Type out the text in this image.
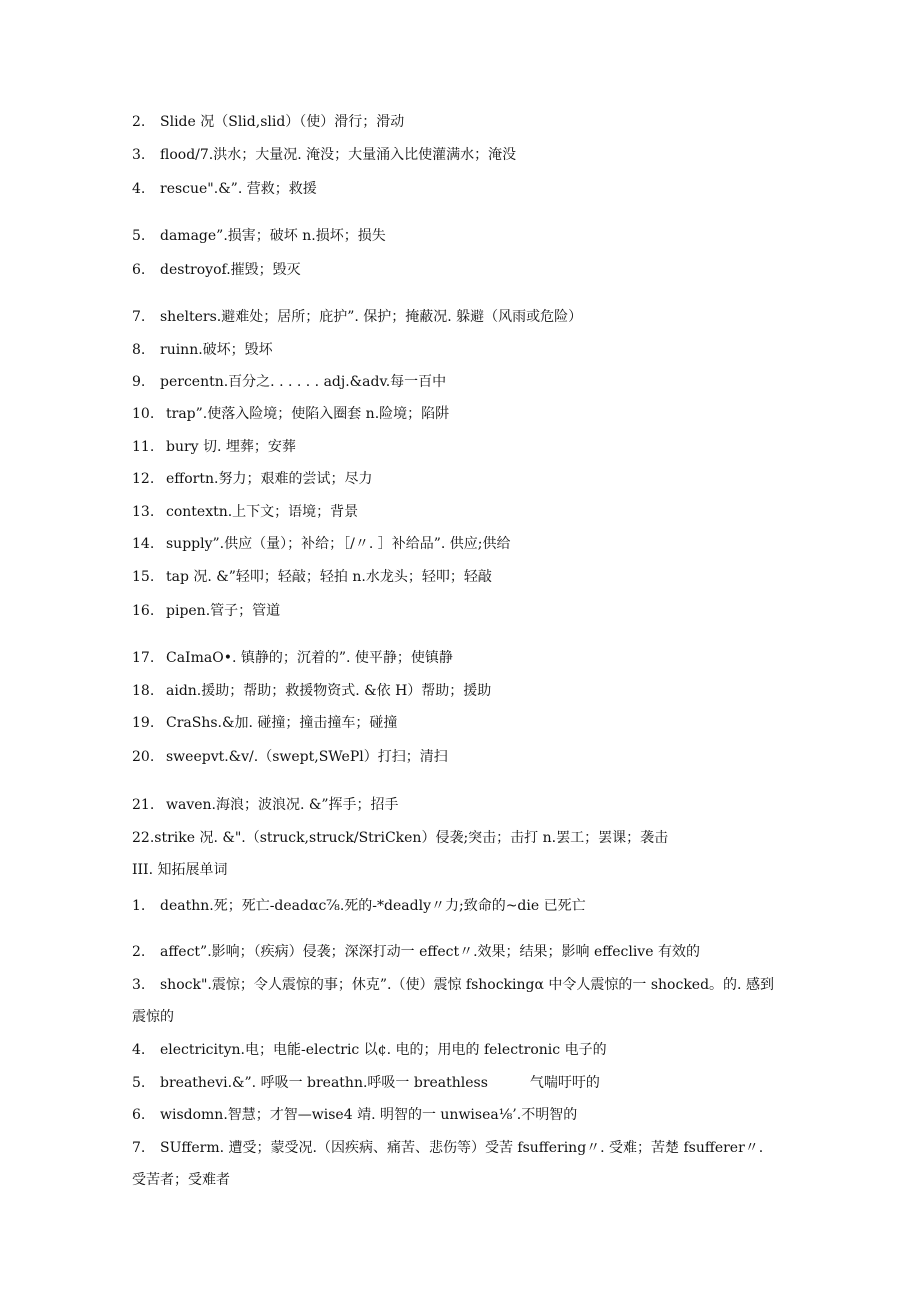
2. Slide 况（Slid,slid）（使）滑行；滑动
3. flood/7.洪水；大量况. 淹没；大量涌入比使灌满水；淹没
4. rescue".&”. 营救；救援
5. damage”.损害；破坏 n.损坏；损失
6. destroyof.摧毁；毁灭
7. shelters.避难处；居所；庇护”. 保护；掩蔽况. 躲避（风雨或危险）
8. ruinn.破坏；毁坏
9. percentn.百分之. . . . . . adj.&adv.每一百中
10. trap”.使落入险境；使陷入圈套 n.险境；陷阱
11. bury 切. 埋葬；安葬
12. effortn.努力；艰难的尝试；尽力
13. contextn.上下文；语境；背景
14. supply”.供应（量）；补给；［/〃. ］补给品”. 供应;供给
15. tap 况. &”轻叩；轻敲；轻拍 n.水龙头；轻叩；轻敲
16. pipen.管子；管道
17. CaImaO•. 镇静的；沉着的”. 使平静；使镇静
18. aidn.援助；帮助；救援物资式. &依 H）帮助；援助
19. CraShs.&加. 碰撞；撞击撞车；碰撞
20. sweepvt.&v/.（swept,SWePl）打扫；清扫
21. waven.海浪；波浪况. &”挥手；招手
22.strike 况. &".（struck,struck/StriCken）侵袭;突击；击打 n.罢工；罢课；袭击
III. 知拓展单词
1. deathn.死；死亡-deadαc⅞.死的-*deadly〃力;致命的~die 已死亡
2. affect”.影响；（疾病）侵袭；深深打动一 effect〃.效果；结果；影响 effeclive 有效的
3. shock".震惊；令人震惊的事；休克”.（使）震惊 fshockingα 中令人震惊的一 shocked。的. 感到
震惊的
4. electricityn.电；电能-electric 以¢. 电的；用电的 felectronic 电子的
5. breathevi.&”. 呼吸一 breathn.呼吸一 breathless　　　气喘吁吁的
6. wisdomn.智慧；才智—wise4 靖. 明智的一 unwisea⅛’.不明智的
7. SUfferm. 遭受；蒙受况.（因疾病、痛苦、悲伤等）受苦 fsuffering〃. 受难；苦楚 fsufferer〃.
受苦者；受难者
